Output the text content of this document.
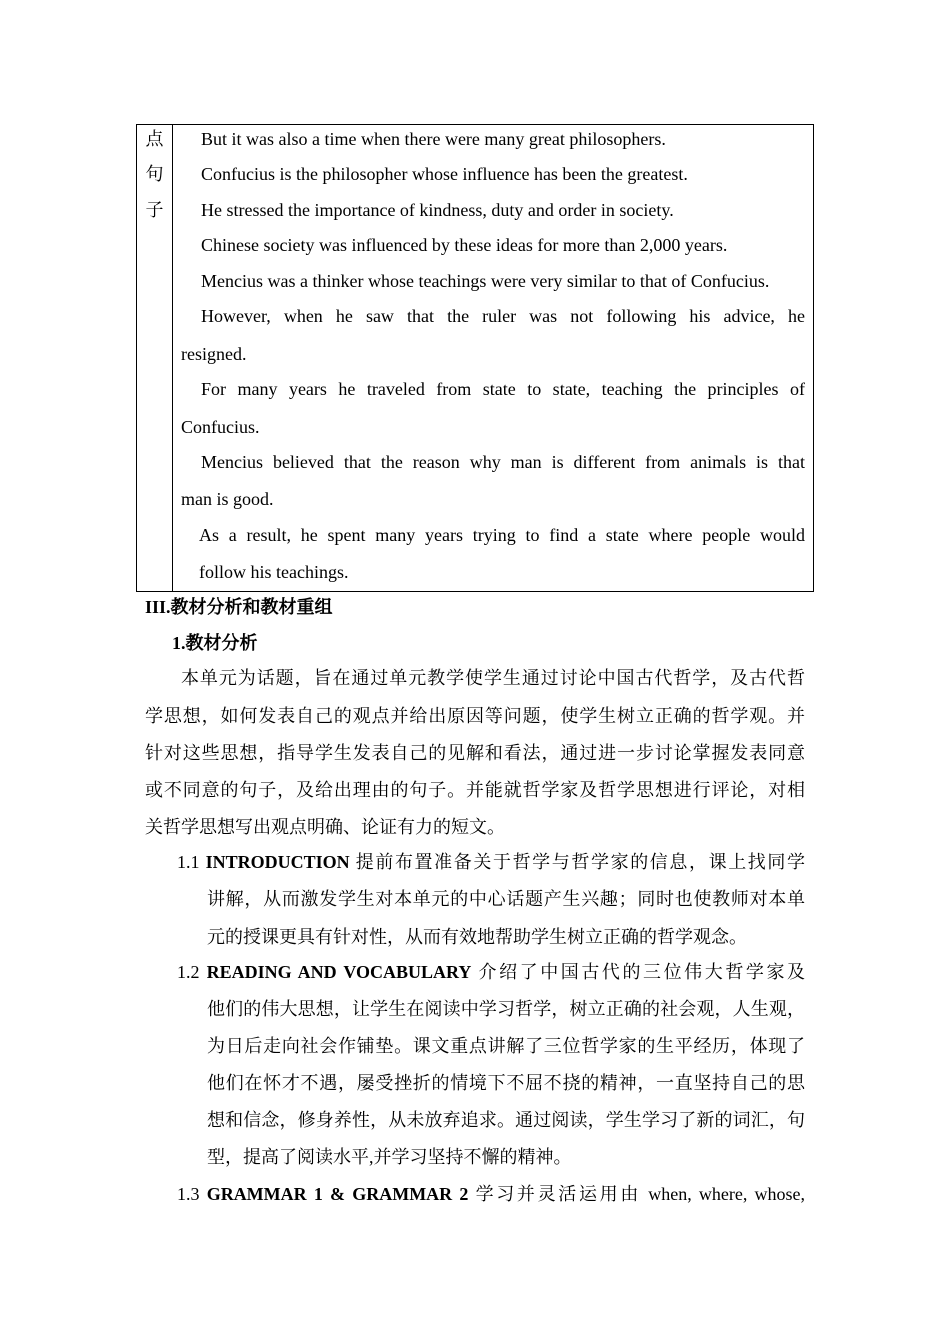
点
句
子
But it was also a time when there were many great philosophers.
Confucius is the philosopher whose influence has been the greatest.
He stressed the importance of kindness, duty and order in society.
Chinese society was influenced by these ideas for more than 2,000 years.
Mencius was a thinker whose teachings were very similar to that of Confucius.
However, when he saw that the ruler was not following his advice, he
resigned.
For many years he traveled from state to state, teaching the principles of
Confucius.
Mencius believed that the reason why man is different from animals is that
man is good.
As a result, he spent many years trying to find a state where people would
follow his teachings.
III.教材分析和教材重组
1.教材分析
本单元为话题，旨在通过单元教学使学生通过讨论中国古代哲学，及古代哲
学思想，如何发表自己的观点并给出原因等问题，使学生树立正确的哲学观。并
针对这些思想，指导学生发表自己的见解和看法，通过进一步讨论掌握发表同意
或不同意的句子，及给出理由的句子。并能就哲学家及哲学思想进行评论，对相
关哲学思想写出观点明确、论证有力的短文。
1.1 INTRODUCTION 提前布置准备关于哲学与哲学家的信息，课上找同学
讲解，从而激发学生对本单元的中心话题产生兴趣；同时也使教师对本单
元的授课更具有针对性，从而有效地帮助学生树立正确的哲学观念。
1.2 READING AND VOCABULARY 介绍了中国古代的三位伟大哲学家及
他们的伟大思想，让学生在阅读中学习哲学，树立正确的社会观，人生观，
为日后走向社会作铺垫。课文重点讲解了三位哲学家的生平经历，体现了
他们在怀才不遇，屡受挫折的情境下不屈不挠的精神，一直坚持自己的思
想和信念，修身养性，从未放弃追求。通过阅读，学生学习了新的词汇，句
型，提高了阅读水平,并学习坚持不懈的精神。
1.3 GRAMMAR 1 & GRAMMAR 2 学习并灵活运用由 when, where, whose,
